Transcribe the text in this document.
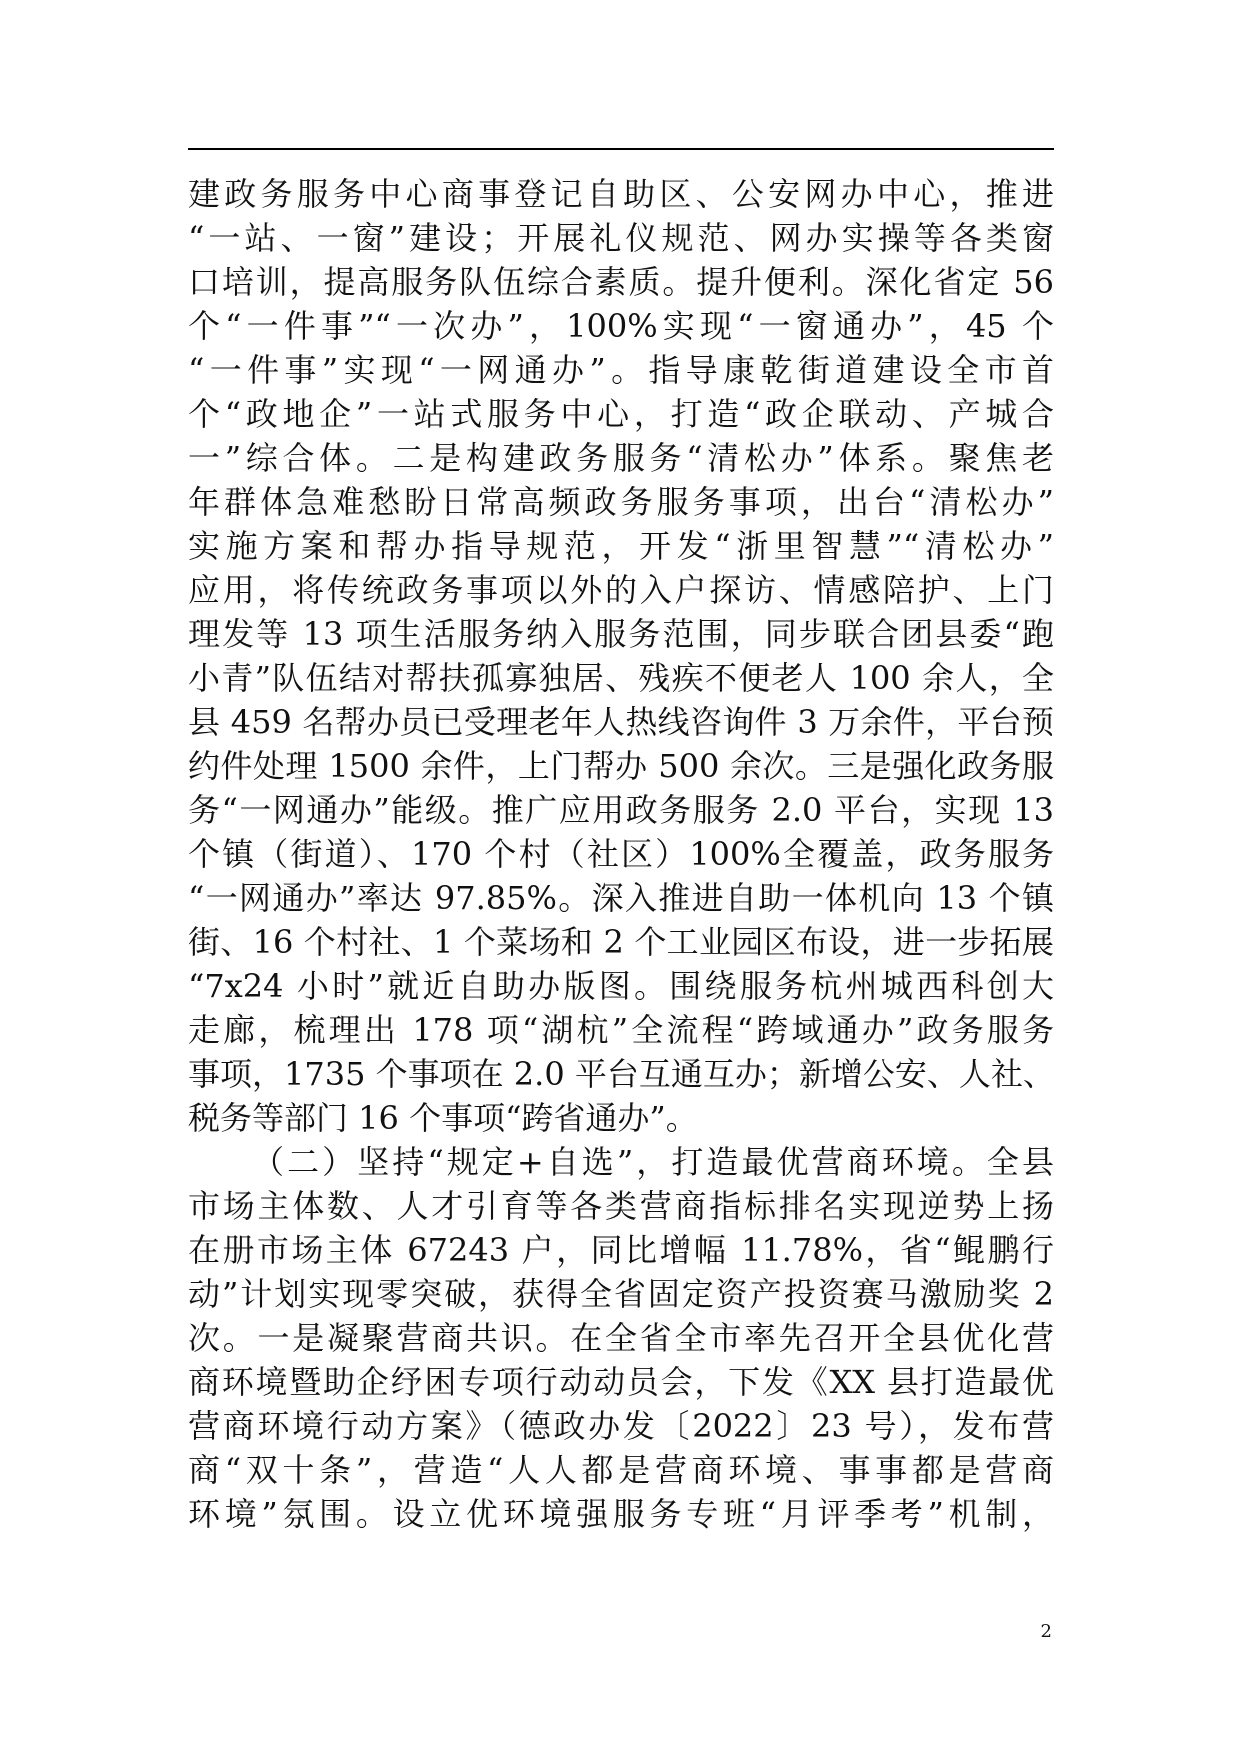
建政务服务中心商事登记自助区、公安网办中心，推进
“一站、一窗”建设；开展礼仪规范、网办实操等各类窗
口培训，提高服务队伍综合素质。提升便利。深化省定 56
个“一件事”“一次办”，100%实现“一窗通办”，45 个
“一件事”实现“一网通办”。指导康乾街道建设全市首
个“政地企”一站式服务中心，打造“政企联动、产城合
一”综合体。二是构建政务服务“清松办”体系。聚焦老
年群体急难愁盼日常高频政务服务事项，出台“清松办”
实施方案和帮办指导规范，开发“浙里智慧”“清松办”
应用，将传统政务事项以外的入户探访、情感陪护、上门
理发等 13 项生活服务纳入服务范围，同步联合团县委“跑
小青”队伍结对帮扶孤寡独居、残疾不便老人 100 余人，全
县 459 名帮办员已受理老年人热线咨询件 3 万余件，平台预
约件处理 1500 余件，上门帮办 500 余次。三是强化政务服
务“一网通办”能级。推广应用政务服务 2.0 平台，实现 13
个镇（街道）、170 个村（社区）100%全覆盖，政务服务
“一网通办”率达 97.85%。深入推进自助一体机向 13 个镇
街、16 个村社、1 个菜场和 2 个工业园区布设，进一步拓展
“7x24 小时”就近自助办版图。围绕服务杭州城西科创大
走廊，梳理出 178 项“湖杭”全流程“跨域通办”政务服务
事项，1735 个事项在 2.0 平台互通互办；新增公安、人社、
税务等部门 16 个事项“跨省通办”。
（二）坚持“规定+自选”，打造最优营商环境。全县
市场主体数、人才引育等各类营商指标排名实现逆势上扬
在册市场主体 67243 户，同比增幅 11.78%，省“鲲鹏行
动”计划实现零突破，获得全省固定资产投资赛马激励奖 2
次。一是凝聚营商共识。在全省全市率先召开全县优化营
商环境暨助企纾困专项行动动员会，下发《XX 县打造最优
营商环境行动方案》（德政办发〔2022〕23 号），发布营
商“双十条”，营造“人人都是营商环境、事事都是营商
环境”氛围。设立优环境强服务专班“月评季考”机制，
2
